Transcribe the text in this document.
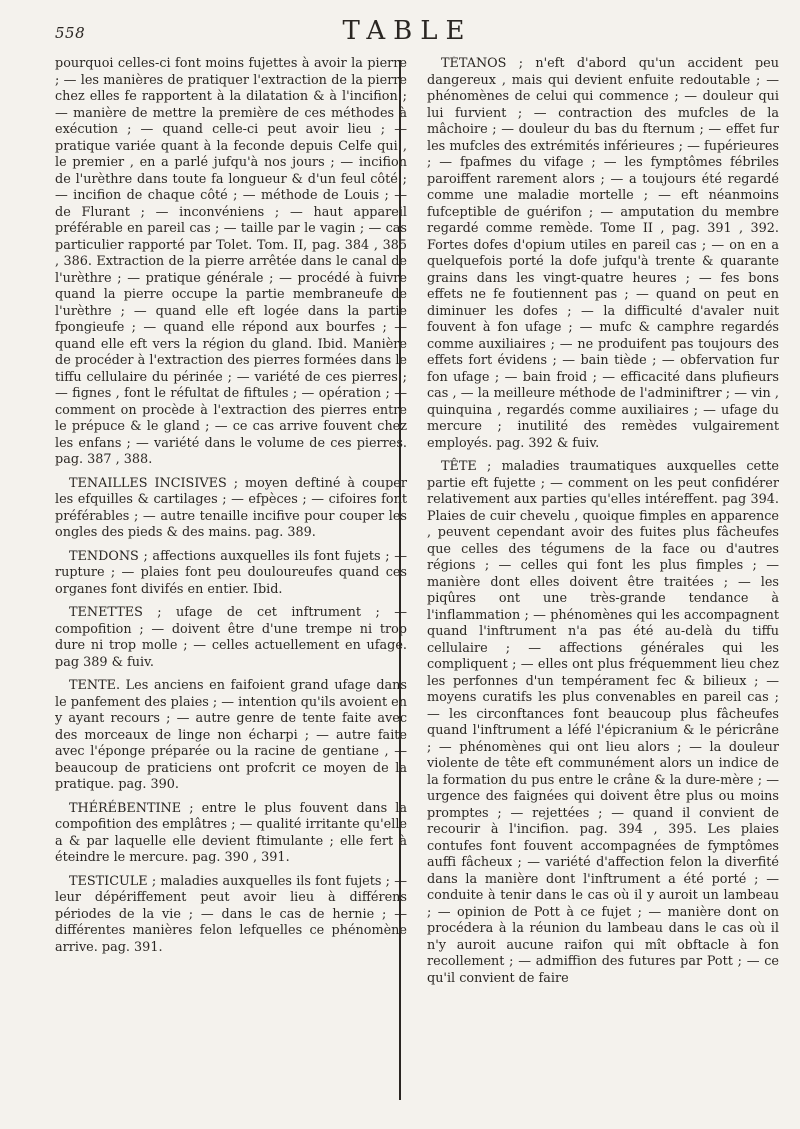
558	TABLE

pourquoi celles-ci font moins fujettes à avoir la pierre ; — les manières de pratiquer l'extraction de la pierre chez elles fe rapportent à la dilatation & à l'incifion ; — manière de mettre la première de ces méthodes à exécution ; — quand celle-ci peut avoir lieu ; — pratique variée quant à la feconde depuis Celfe qui , le premier , en a parlé jufqu'à nos jours ; — incifion de l'urèthre dans toute fa longueur & d'un feul côté ; — incifion de chaque côté ; — méthode de Louis ; — de Flurant ; — inconvéniens ; — haut appareil préférable en pareil cas ; — taille par le vagin ; — cas particulier rapporté par Tolet. Tom. II, pag. 384 , 385 , 386. Extraction de la pierre arrêtée dans le canal de l'urèthre ; — pratique générale ; — procédé à fuivre quand la pierre occupe la partie membraneufe de l'urèthre ; — quand elle eft logée dans la partie fpongieufe ; — quand elle répond aux bourfes ; — quand elle eft vers la région du gland. Ibid. Manière de procéder à l'extraction des pierres formées dans le tiffu cellulaire du périnée ; — variété de ces pierres ; — fignes , font le réfultat de fiftules ; — opération ; — comment on procède à l'extraction des pierres entre le prépuce & le gland ; — ce cas arrive fouvent chez les enfans ; — variété dans le volume de ces pierres. pag. 387 , 388.

TENAILLES INCISIVES ; moyen deftiné à couper les efquilles & cartilages ; — efpèces ; — cifoires font préférables ; — autre tenaille incifive pour couper les ongles des pieds & des mains. pag. 389.

TENDONS ; affections auxquelles ils font fujets ; — rupture ; — plaies font peu douloureufes quand ces organes font divifés en entier. Ibid.

TENETTES ; ufage de cet inftrument ; — compofition ; — doivent être d'une trempe ni trop dure ni trop molle ; — celles actuellement en ufage. pag 389 & fuiv.

TENTE. Les anciens en faifoient grand ufage dans le panfement des plaies ; — intention qu'ils avoient en y ayant recours ; — autre genre de tente faite avec des morceaux de linge non écharpi ; — autre faite avec l'éponge préparée ou la racine de gentiane , — beaucoup de praticiens ont profcrit ce moyen de la pratique. pag. 390.

THÉRÉBENTINE ; entre le plus fouvent dans la compofition des emplâtres ; — qualité irritante qu'elle a & par laquelle elle devient ftimulante ; elle fert à éteindre le mercure. pag. 390 , 391.

TESTICULE ; maladies auxquelles ils font fujets ; — leur dépériffement peut avoir lieu à différens périodes de la vie ; — dans le cas de hernie ; — différentes manières felon lefquelles ce phénomène arrive. pag. 391.

TÉTANOS ; n'eft d'abord qu'un accident peu dangereux , mais qui devient enfuite redoutable ; — phénomènes de celui qui commence ; — douleur qui lui furvient ; — contraction des mufcles de la mâchoire ; — douleur du bas du fternum ; — effet fur les mufcles des extrémités inférieures ; — fupérieures ; — fpafmes du vifage ; — les fymptômes fébriles paroiffent rarement alors ; — a toujours été regardé comme une maladie mortelle ; — eft néanmoins fufceptible de guérifon ; — amputation du membre regardé comme remède. Tome II , pag. 391 , 392. Fortes dofes d'opium utiles en pareil cas ; — on en a quelquefois porté la dofe jufqu'à trente & quarante grains dans les vingt-quatre heures ; — fes bons effets ne fe foutiennent pas ; — quand on peut en diminuer les dofes ; — la difficulté d'avaler nuit fouvent à fon ufage ; — mufc & camphre regardés comme auxiliaires ; — ne produifent pas toujours des effets fort évidens ; — bain tiède ; — obfervation fur fon ufage ; — bain froid ; — efficacité dans plufieurs cas , — la meilleure méthode de l'adminiftrer ; — vin , quinquina , regardés comme auxiliaires ; — ufage du mercure ; inutilité des remèdes vulgairement employés. pag. 392 & fuiv.

TÊTE ; maladies traumatiques auxquelles cette partie eft fujette ; — comment on les peut confidérer relativement aux parties qu'elles intéreffent. pag 394. Plaies de cuir chevelu , quoique fimples en apparence , peuvent cependant avoir des fuites plus fâcheufes que celles des tégumens de la face ou d'autres régions ; — celles qui font les plus fimples ; — manière dont elles doivent être traitées ; — les piqûres ont une très-grande tendance à l'inflammation ; — phénomènes qui les accompagnent quand l'inftrument n'a pas été au-delà du tiffu cellulaire ; — affections générales qui les compliquent ; — elles ont plus fréquemment lieu chez les perfonnes d'un tempérament fec & bilieux ; — moyens curatifs les plus convenables en pareil cas ; — les circonftances font beaucoup plus fâcheufes quand l'inftrument a léfé l'épicranium & le péricrâne ; — phénomènes qui ont lieu alors ; — la douleur violente de tête eft communément alors un indice de la formation du pus entre le crâne & la dure-mère ; — urgence des faignées qui doivent être plus ou moins promptes ; — rejettées ; — quand il convient de recourir à l'incifion. pag. 394 , 395. Les plaies contufes font fouvent accompagnées de fymptômes auffi fâcheux ; — variété d'affection felon la diverfité dans la manière dont l'inftrument a été porté ; — conduite à tenir dans le cas où il y auroit un lambeau ; — opinion de Pott à ce fujet ; — manière dont on procédera à la réunion du lambeau dans le cas où il n'y auroit aucune raifon qui mît obftacle à fon recollement ; — admiffion des futures par Pott ; — ce qu'il convient de faire
